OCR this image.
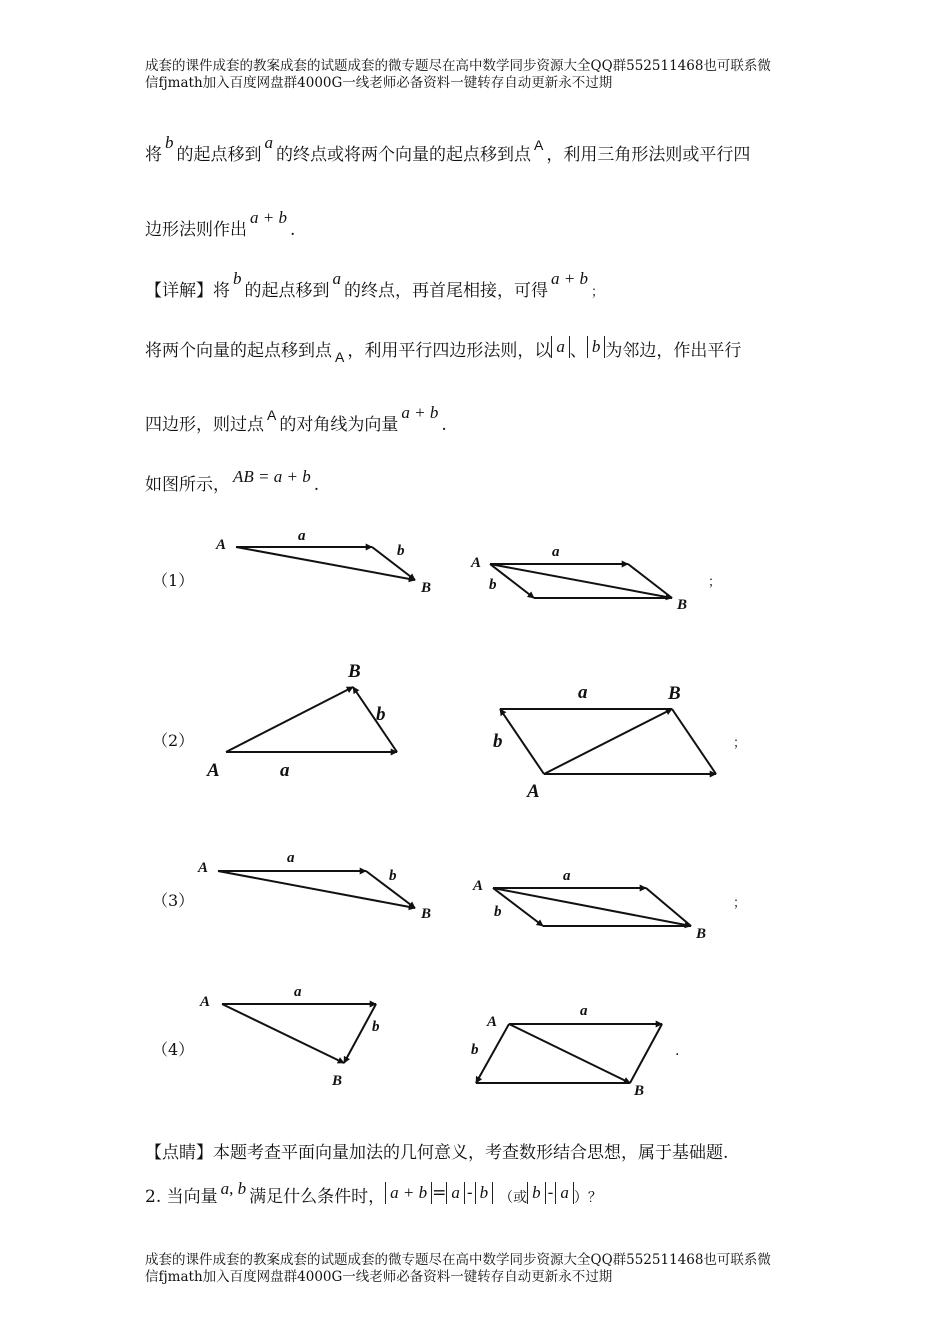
成套的课件成套的教案成套的试题成套的微专题尽在高中数学同步资源大全QQ群552511468也可联系微
信fjmath加入百度网盘群4000G一线老师必备资料一键转存自动更新永不过期
将b的起点移到a的终点或将两个向量的起点移到点 $^A$ ，利用三角形法则或平行四
边形法则作出a + b.
【详解】将b的起点移到a的终点，再首尾相接，可得a + b；
将两个向量的起点移到点 $_A$ ，利用平行四边形法则，以 a 、 b 为邻边，作出平行
四边形，则过点 $^A$ 的对角线为向量a + b.
如图所示， AB = a + b .
（1）
（2）
（3）
（4）
A
a
b
B
A
a
b
B
；
A	a
b
B
a	B
b
A
；
A
a
b
B
A
a
b
B
；
A
a
b
B
A
a
b
B
.
【点睛】本题考查平面向量加法的几何意义，考查数形结合思想，属于基础题.
2. 当向量 a, b 满足什么条件时， a + b = a - b （或 b - a ）？
成套的课件成套的教案成套的试题成套的微专题尽在高中数学同步资源大全QQ群552511468也可联系微
信fjmath加入百度网盘群4000G一线老师必备资料一键转存自动更新永不过期
